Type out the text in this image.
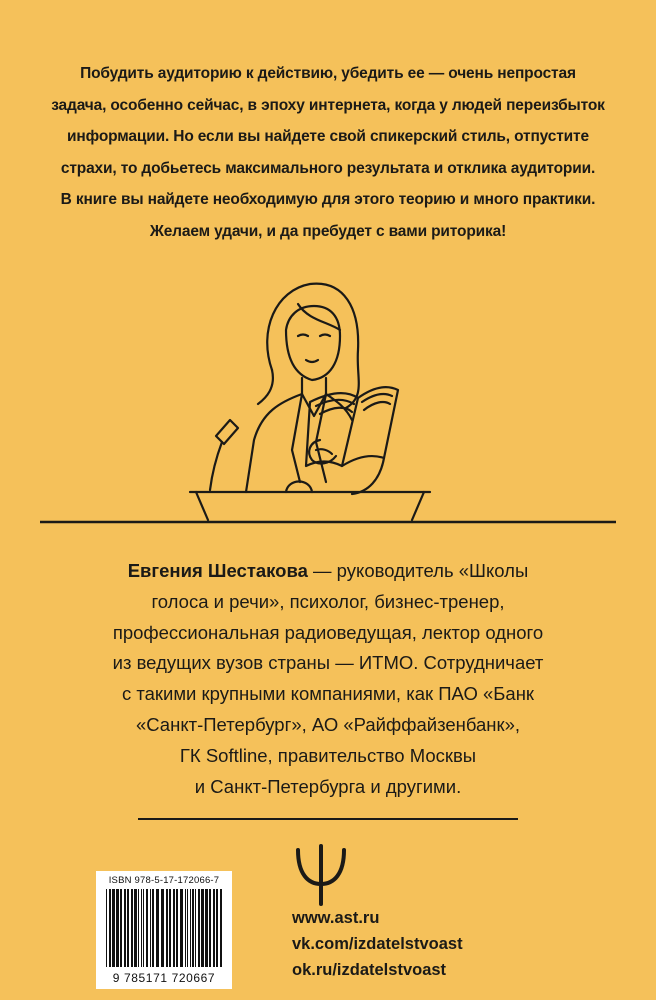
Побудить аудиторию к действию, убедить ее — очень непростая
задача, особенно сейчас, в эпоху интернета, когда у людей переизбыток
информации. Но если вы найдете свой спикерский стиль, отпустите
страхи, то добьетесь максимального результата и отклика аудитории.
В книге вы найдете необходимую для этого теорию и много практики.
Желаем удачи, и да пребудет с вами риторика!
Евгения Шестакова — руководитель «Школы
голоса и речи», психолог, бизнес-тренер,
профессиональная радиоведущая, лектор одного
из ведущих вузов страны — ИТМО. Сотрудничает
с такими крупными компаниями, как ПАО «Банк
«Санкт-Петербург», АО «Райффайзенбанк»,
ГК Softline, правительство Москвы
и Санкт-Петербурга и другими.
ISBN 978-5-17-172066-7
9 785171 720667
www.ast.ru
vk.com/izdatelstvoast
ok.ru/izdatelstvoast
